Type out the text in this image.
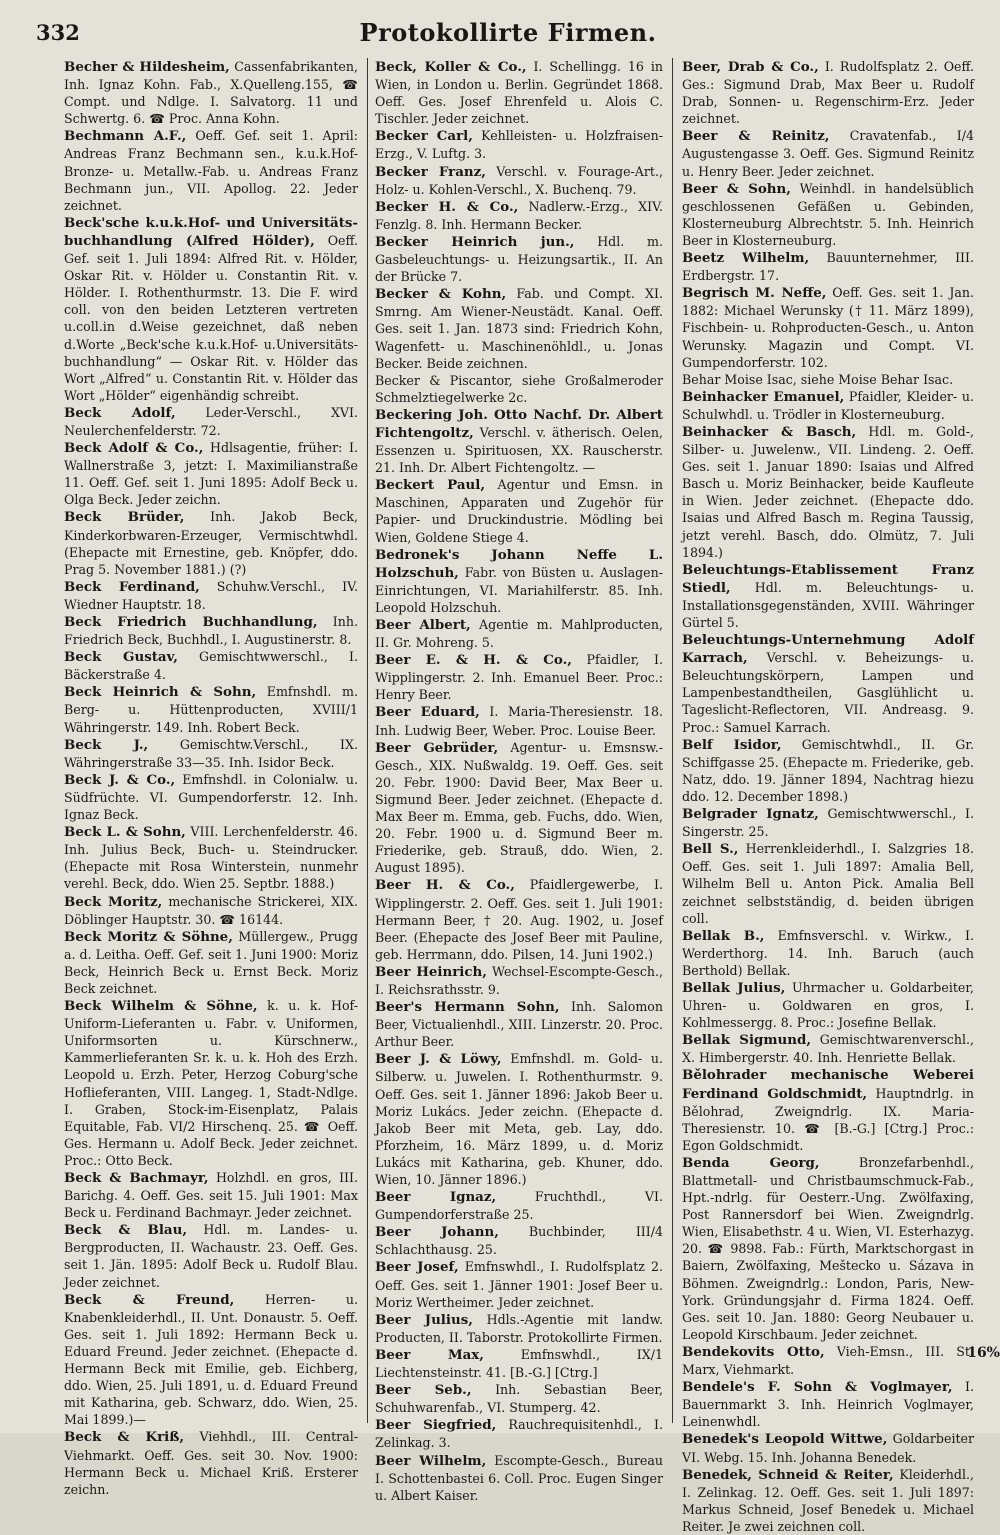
332	Protokollirte Firmen.

Becher & Hildesheim, Cassenfabrikanten, Inh. Ignaz Kohn. Fab., X.Quelleng.155, ☎ Compt. und Ndlge. I. Salvatorg. 11 und Schwertg. 6. ☎ Proc. Anna Kohn.

Bechmann A.F., Oeff. Gef. seit 1. April: Andreas Franz Bechmann sen., k.u.k.Hof-Bronze- u. Metallw.-Fab. u. Andreas Franz Bechmann jun., VII. Apollog. 22. Jeder zeichnet.

Beck'sche k.u.k.Hof- und Universitäts-buchhandlung (Alfred Hölder), Oeff. Gef. seit 1. Juli 1894: Alfred Rit. v. Hölder, Oskar Rit. v. Hölder u. Constantin Rit. v. Hölder. I. Rothenthurmstr. 13. Die F. wird coll. von den beiden Letzteren vertreten u.coll.in d.Weise gezeichnet, daß neben d.Worte „Beck'sche k.u.k.Hof- u.Universitäts-buchhandlung“ — Oskar Rit. v. Hölder das Wort „Alfred“ u. Constantin Rit. v. Hölder das Wort „Hölder“ eigenhändig schreibt.

Beck Adolf, Leder-Verschl., XVI. Neulerchenfelderstr. 72.

Beck Adolf & Co., Hdlsagentie, früher: I. Wallnerstraße 3, jetzt: I. Maximilianstraße 11. Oeff. Gef. seit 1. Juni 1895: Adolf Beck u. Olga Beck. Jeder zeichn.

Beck Brüder, Inh. Jakob Beck, Kinderkorbwaren-Erzeuger, Vermischtwhdl. (Ehepacte mit Ernestine, geb. Knöpfer, ddo. Prag 5. November 1881.) (?)

Beck Ferdinand, Schuhw.Verschl., IV. Wiedner Hauptstr. 18.

Beck Friedrich Buchhandlung, Inh. Friedrich Beck, Buchhdl., I. Augustinerstr. 8.

Beck Gustav, Gemischtwwerschl., I. Bäckerstraße 4.

Beck Heinrich & Sohn, Emfnshdl. m. Berg- u. Hüttenproducten, XVIII/1 Währingerstr. 149. Inh. Robert Beck.

Beck J., Gemischtw.Verschl., IX. Währingerstraße 33—35. Inh. Isidor Beck.

Beck J. & Co., Emfnshdl. in Colonialw. u. Südfrüchte. VI. Gumpendorferstr. 12. Inh. Ignaz Beck.

Beck L. & Sohn, VIII. Lerchenfelderstr. 46. Inh. Julius Beck, Buch- u. Steindrucker. (Ehepacte mit Rosa Winterstein, nunmehr verehl. Beck, ddo. Wien 25. Septbr. 1888.)

Beck Moritz, mechanische Strickerei, XIX. Döblinger Hauptstr. 30. ☎ 16144.

Beck Moritz & Söhne, Müllergew., Prugg a. d. Leitha. Oeff. Gef. seit 1. Juni 1900: Moriz Beck, Heinrich Beck u. Ernst Beck. Moriz Beck zeichnet.

Beck Wilhelm & Söhne, k. u. k. Hof-Uniform-Lieferanten u. Fabr. v. Uniformen, Uniformsorten u. Kürschnerw., Kammerlieferanten Sr. k. u. k. Hoh des Erzh. Leopold u. Erzh. Peter, Herzog Coburg'sche Hoflieferanten, VIII. Langeg. 1, Stadt-Ndlge. I. Graben, Stock-im-Eisenplatz, Palais Equitable, Fab. VI/2 Hirschenq. 25. ☎ Oeff. Ges. Hermann u. Adolf Beck. Jeder zeichnet. Proc.: Otto Beck.

Beck & Bachmayr, Holzhdl. en gros, III. Barichg. 4. Oeff. Ges. seit 15. Juli 1901: Max Beck u. Ferdinand Bachmayr. Jeder zeichnet.

Beck & Blau, Hdl. m. Landes- u. Bergproducten, II. Wachaustr. 23. Oeff. Ges. seit 1. Jän. 1895: Adolf Beck u. Rudolf Blau. Jeder zeichnet.

Beck & Freund, Herren- u. Knabenkleiderhdl., II. Unt. Donaustr. 5. Oeff. Ges. seit 1. Juli 1892: Hermann Beck u. Eduard Freund. Jeder zeichnet. (Ehepacte d. Hermann Beck mit Emilie, geb. Eichberg, ddo. Wien, 25. Juli 1891, u. d. Eduard Freund mit Katharina, geb. Schwarz, ddo. Wien, 25. Mai 1899.)—

Beck & Kriß, Viehhdl., III. Central-Viehmarkt. Oeff. Ges. seit 30. Nov. 1900: Hermann Beck u. Michael Kriß. Ersterer zeichn.

Beck, Koller & Co., I. Schellingg. 16 in Wien, in London u. Berlin. Gegründet 1868. Oeff. Ges. Josef Ehrenfeld u. Alois C. Tischler. Jeder zeichnet.

Becker Carl, Kehlleisten- u. Holzfraisen-Erzg., V. Luftg. 3.

Becker Franz, Verschl. v. Fourage-Art., Holz- u. Kohlen-Verschl., X. Buchenq. 79.

Becker H. & Co., Nadlerw.-Erzg., XIV. Fenzlg. 8. Inh. Hermann Becker.

Becker Heinrich jun., Hdl. m. Gasbeleuchtungs- u. Heizungsartik., II. An der Brücke 7.

Becker & Kohn, Fab. und Compt. XI. Smrng. Am Wiener-Neustädt. Kanal. Oeff. Ges. seit 1. Jan. 1873 sind: Friedrich Kohn, Wagenfett- u. Maschinenöhldl., u. Jonas Becker. Beide zeichnen.

Becker & Piscantor, siehe Großalmeroder Schmelztiegelwerke 2c.

Beckering Joh. Otto Nachf. Dr. Albert Fichtengoltz, Verschl. v. ätherisch. Oelen, Essenzen u. Spirituosen, XX. Rauscherstr. 21. Inh. Dr. Albert Fichtengoltz. —

Beckert Paul, Agentur und Emsn. in Maschinen, Apparaten und Zugehör für Papier- und Druckindustrie. Mödling bei Wien, Goldene Stiege 4.

Bedronek's Johann Neffe L. Holzschuh, Fabr. von Büsten u. Auslagen-Einrichtungen, VI. Mariahilferstr. 85. Inh. Leopold Holzschuh.

Beer Albert, Agentie m. Mahlproducten, II. Gr. Mohreng. 5.

Beer E. & H. & Co., Pfaidler, I. Wipplingerstr. 2. Inh. Emanuel Beer. Proc.: Henry Beer.

Beer Eduard, I. Maria-Theresienstr. 18. Inh. Ludwig Beer, Weber. Proc. Louise Beer.

Beer Gebrüder, Agentur- u. Emsnsw.-Gesch., XIX. Nußwaldg. 19. Oeff. Ges. seit 20. Febr. 1900: David Beer, Max Beer u. Sigmund Beer. Jeder zeichnet. (Ehepacte d. Max Beer m. Emma, geb. Fuchs, ddo. Wien, 20. Febr. 1900 u. d. Sigmund Beer m. Friederike, geb. Strauß, ddo. Wien, 2. August 1895).

Beer H. & Co., Pfaidlergewerbe, I. Wipplingerstr. 2. Oeff. Ges. seit 1. Juli 1901: Hermann Beer, † 20. Aug. 1902, u. Josef Beer. (Ehepacte des Josef Beer mit Pauline, geb. Herrmann, ddo. Pilsen, 14. Juni 1902.)

Beer Heinrich, Wechsel-Escompte-Gesch., I. Reichsrathsstr. 9.

Beer's Hermann Sohn, Inh. Salomon Beer, Victualienhdl., XIII. Linzerstr. 20. Proc. Arthur Beer.

Beer J. & Löwy, Emfnshdl. m. Gold- u. Silberw. u. Juwelen. I. Rothenthurmstr. 9. Oeff. Ges. seit 1. Jänner 1896: Jakob Beer u. Moriz Lukács. Jeder zeichn. (Ehepacte d. Jakob Beer mit Meta, geb. Lay, ddo. Pforzheim, 16. März 1899, u. d. Moriz Lukács mit Katharina, geb. Khuner, ddo. Wien, 10. Jänner 1896.)

Beer Ignaz, Fruchthdl., VI. Gumpendorferstraße 25.

Beer Johann, Buchbinder, III/4 Schlachthausg. 25.

Beer Josef, Emfnswhdl., I. Rudolfsplatz 2. Oeff. Ges. seit 1. Jänner 1901: Josef Beer u. Moriz Wertheimer. Jeder zeichnet.

Beer Julius, Hdls.-Agentie mit landw. Producten, II. Taborstr. Protokollirte Firmen.

Beer Max, Emfnswhdl., IX/1 Liechtensteinstr. 41. [B.-G.] [Ctrg.]

Beer Seb., Inh. Sebastian Beer, Schuhwarenfab., VI. Stumperg. 42.

Beer Siegfried, Rauchrequisitenhdl., I. Zelinkag. 3.

Beer Wilhelm, Escompte-Gesch., Bureau I. Schottenbastei 6. Coll. Proc. Eugen Singer u. Albert Kaiser.

Beer, Drab & Co., I. Rudolfsplatz 2. Oeff. Ges.: Sigmund Drab, Max Beer u. Rudolf Drab, Sonnen- u. Regenschirm-Erz. Jeder zeichnet.

Beer & Reinitz, Cravatenfab., I/4 Augustengasse 3. Oeff. Ges. Sigmund Reinitz u. Henry Beer. Jeder zeichnet.

Beer & Sohn, Weinhdl. in handelsüblich geschlossenen Gefäßen u. Gebinden, Klosterneuburg Albrechtstr. 5. Inh. Heinrich Beer in Klosterneuburg.

Beetz Wilhelm, Bauunternehmer, III. Erdbergstr. 17.

Begrisch M. Neffe, Oeff. Ges. seit 1. Jan. 1882: Michael Werunsky († 11. März 1899), Fischbein- u. Rohproducten-Gesch., u. Anton Werunsky. Magazin und Compt. VI. Gumpendorferstr. 102.

Behar Moise Isac, siehe Moise Behar Isac.

Beinhacker Emanuel, Pfaidler, Kleider- u. Schulwhdl. u. Trödler in Klosterneuburg.

Beinhacker & Basch, Hdl. m. Gold-, Silber- u. Juwelenw., VII. Lindeng. 2. Oeff. Ges. seit 1. Januar 1890: Isaias und Alfred Basch u. Moriz Beinhacker, beide Kaufleute in Wien. Jeder zeichnet. (Ehepacte ddo. Isaias und Alfred Basch m. Regina Taussig, jetzt verehl. Basch, ddo. Olmütz, 7. Juli 1894.)

Beleuchtungs-Etablissement Franz Stiedl, Hdl. m. Beleuchtungs- u. Installationsgegenständen, XVIII. Währinger Gürtel 5.

Beleuchtungs-Unternehmung Adolf Karrach, Verschl. v. Beheizungs- u. Beleuchtungskörpern, Lampen und Lampenbestandtheilen, Gasglühlicht u. Tageslicht-Reflectoren, VII. Andreasg. 9. Proc.: Samuel Karrach.

Belf Isidor, Gemischtwhdl., II. Gr. Schiffgasse 25. (Ehepacte m. Friederike, geb. Natz, ddo. 19. Jänner 1894, Nachtrag hiezu ddo. 12. December 1898.)

Belgrader Ignatz, Gemischtwwerschl., I. Singerstr. 25.

Bell S., Herrenkleiderhdl., I. Salzgries 18. Oeff. Ges. seit 1. Juli 1897: Amalia Bell, Wilhelm Bell u. Anton Pick. Amalia Bell zeichnet selbstständig, d. beiden übrigen coll.

Bellak B., Emfnsverschl. v. Wirkw., I. Werderthorg. 14. Inh. Baruch (auch Berthold) Bellak.

Bellak Julius, Uhrmacher u. Goldarbeiter, Uhren- u. Goldwaren en gros, I. Kohlmessergg. 8. Proc.: Josefine Bellak.

Bellak Sigmund, Gemischtwarenverschl., X. Himbergerstr. 40. Inh. Henriette Bellak.

Bělohrader mechanische Weberei Ferdinand Goldschmidt, Hauptndrlg. in Bělohrad, Zweigndrlg. IX. Maria-Theresienstr. 10. ☎ [B.-G.] [Ctrg.] Proc.: Egon Goldschmidt.

Benda Georg, Bronzefarbenhdl., Blattmetall- und Christbaumschmuck-Fab., Hpt.-ndrlg. für Oesterr.-Ung. Zwölfaxing, Post Rannersdorf bei Wien. Zweigndrlg. Wien, Elisabethstr. 4 u. Wien, VI. Esterhazyg. 20. ☎ 9898. Fab.: Fürth, Marktschorgast in Baiern, Zwölfaxing, Meštecko u. Sázava in Böhmen. Zweigndrlg.: London, Paris, New-York. Gründungsjahr d. Firma 1824. Oeff. Ges. seit 10. Jan. 1880: Georg Neubauer u. Leopold Kirschbaum. Jeder zeichnet.

Bendekovits Otto, Vieh-Emsn., III. St. Marx, Viehmarkt.

Bendele's F. Sohn & Voglmayer, I. Bauernmarkt 3. Inh. Heinrich Voglmayer, Leinenwhdl.

Benedek's Leopold Wittwe, Goldarbeiter VI. Webg. 15. Inh. Johanna Benedek.

Benedek, Schneid & Reiter, Kleiderhdl., I. Zelinkag. 12. Oeff. Ges. seit 1. Juli 1897: Markus Schneid, Josef Benedek u. Michael Reiter. Je zwei zeichnen coll.

16%
